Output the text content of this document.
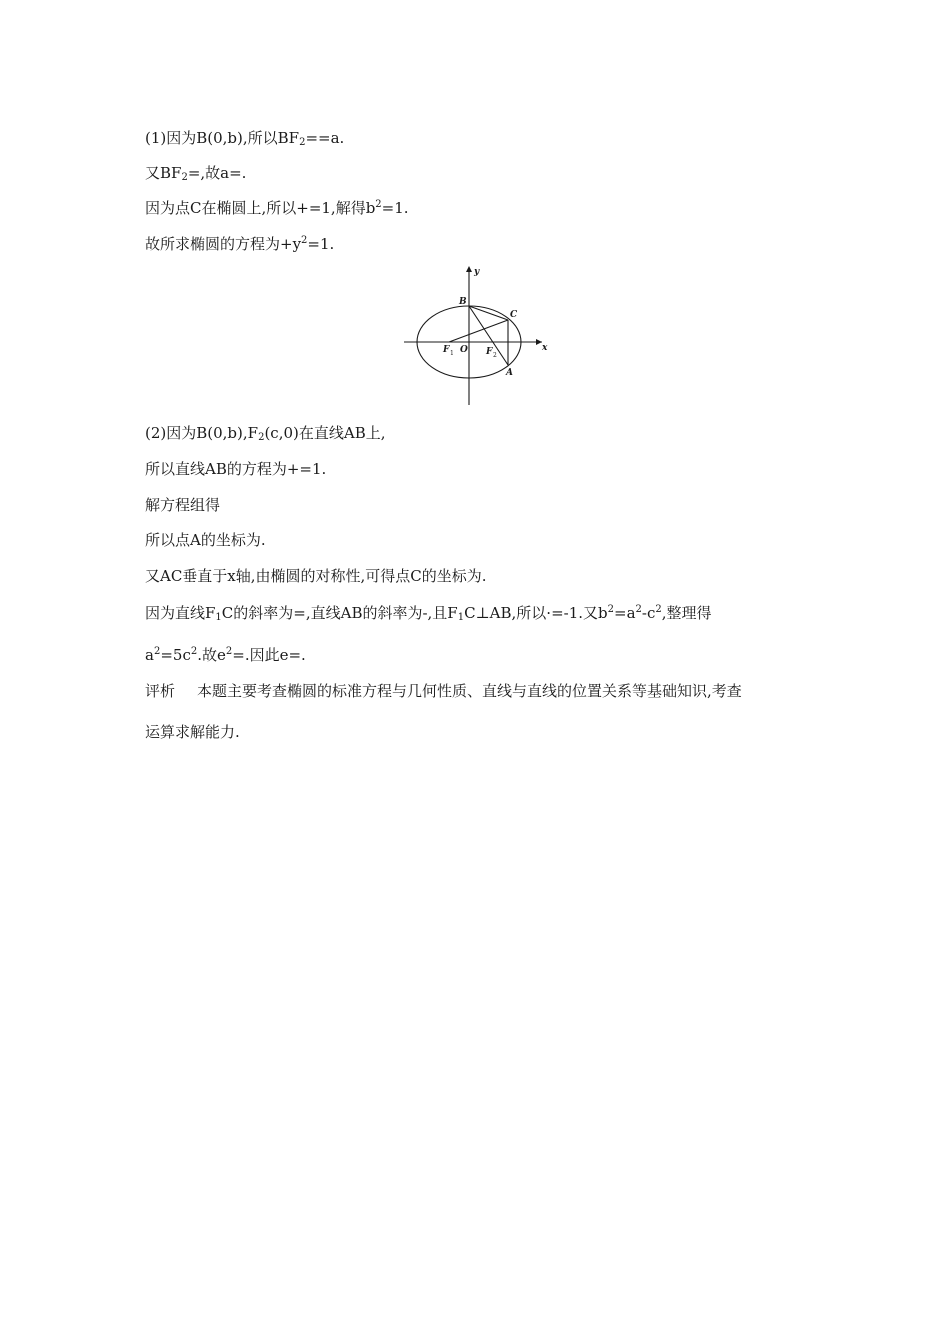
(1)因为B(0,b),所以$BF_2==a$.
又$BF_2=$,故a=.
因为点C在椭圆上,所以+=1,解得$b^2=1$.
故所求椭圆的方程为$+y^2=1$.
x
y
B
C
A
O
F 1	F 2
(2)因为$B(0,b),F_2(c,0)$在直线AB上,
所以直线AB的方程为+=1.
解方程组得
所以点A的坐标为.
又AC垂直于x轴,由椭圆的对称性,可得点C的坐标为.
因为直线$F_1C$的斜率为=,直线AB的斜率为-,且$F_1C\perp AB$,所以·=-1.又$b^2=a^2-c^2$,整理得
$a^2=5c^2$.故$e^2=$.因此e=.
评析 本题主要考查椭圆的标准方程与几何性质、直线与直线的位置关系等基础知识,考查
运算求解能力.
